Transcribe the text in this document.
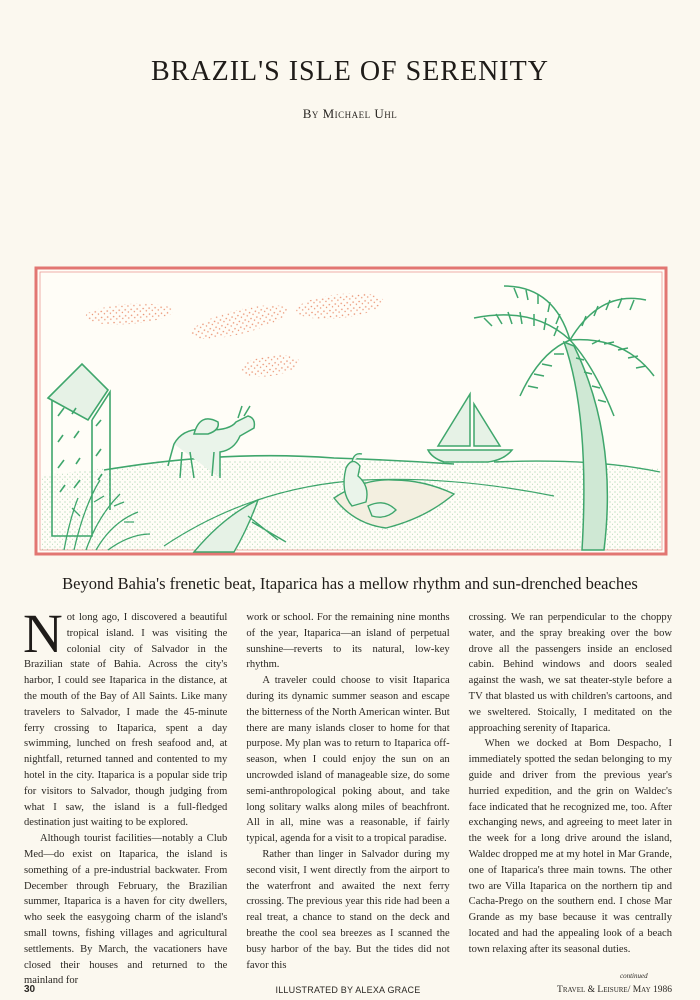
BRAZIL'S ISLE OF SERENITY
By Michael Uhl
Beyond Bahia's frenetic beat, Itaparica has a mellow rhythm and sun-drenched beaches

Not long ago, I discovered a beautiful tropical island. I was visiting the colonial city of Salvador in the Brazilian state of Bahia. Across the city's harbor, I could see Itaparica in the distance, at the mouth of the Bay of All Saints. Like many travelers to Salvador, I made the 45-minute ferry crossing to Itaparica, spent a day swimming, lunched on fresh seafood and, at nightfall, returned tanned and contented to my hotel in the city. Itaparica is a popular side trip for visitors to Salvador, though judging from what I saw, the island is a full-fledged destination just waiting to be explored.

Although tourist facilities—notably a Club Med—do exist on Itaparica, the island is something of a pre-industrial backwater. From December through February, the Brazilian summer, Itaparica is a haven for city dwellers, who seek the easygoing charm of the island's small towns, fishing villages and agricultural settlements. By March, the vacationers have closed their houses and returned to the mainland for

work or school. For the remaining nine months of the year, Itaparica—an island of perpetual sunshine—reverts to its natural, low-key rhythm.

A traveler could choose to visit Itaparica during its dynamic summer season and escape the bitterness of the North American winter. But there are many islands closer to home for that purpose. My plan was to return to Itaparica off-season, when I could enjoy the sun on an uncrowded island of manageable size, do some semi-anthropological poking about, and take long solitary walks along miles of beachfront. All in all, mine was a reasonable, if fairly typical, agenda for a visit to a tropical paradise.

Rather than linger in Salvador during my second visit, I went directly from the airport to the waterfront and awaited the next ferry crossing. The previous year this ride had been a real treat, a chance to stand on the deck and breathe the cool sea breezes as I scanned the busy harbor of the bay. But the tides did not favor this

crossing. We ran perpendicular to the choppy water, and the spray breaking over the bow drove all the passengers inside an enclosed cabin. Behind windows and doors sealed against the wash, we sat theater-style before a TV that blasted us with children's cartoons, and we sweltered. Stoically, I meditated on the approaching serenity of Itaparica.

When we docked at Bom Despacho, I immediately spotted the sedan belonging to my guide and driver from the previous year's hurried expedition, and the grin on Waldec's face indicated that he recognized me, too. After exchanging news, and agreeing to meet later in the week for a long drive around the island, Waldec dropped me at my hotel in Mar Grande, one of Itaparica's three main towns. The other two are Villa Itaparica on the northern tip and Cacha-Prego on the southern end. I chose Mar Grande as my base because it was centrally located and had the appealing look of a beach town relaxing after its seasonal duties.

continued
30	ILLUSTRATED BY ALEXA GRACE	Travel & Leisure/ May 1986
